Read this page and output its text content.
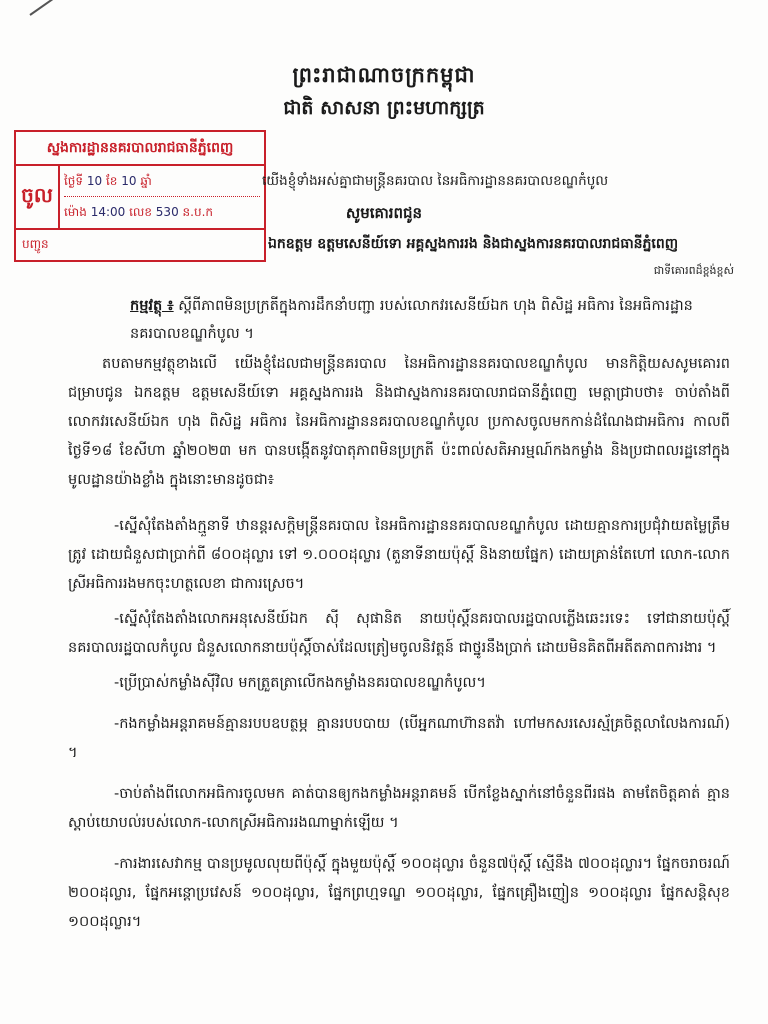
ព្រះរាជាណាចក្រកម្ពុជា
ជាតិ សាសនា ព្រះមហាក្សត្រ
ស្នងការដ្ឋាននគរបាលរាជធានីភ្នំពេញ
ចូល
ថ្ងៃទី 10 ខែ 10 ឆ្នាំ
ម៉ោង 14:00 លេខ 530 ន.ប.ក
បញ្ជូន
យើងខ្ញុំទាំងអស់គ្នាជាមន្ត្រីនគរបាល នៃអធិការដ្ឋាននគរបាលខណ្ឌកំបូល
សូមគោរពជូន
ឯកឧត្តម ឧត្តមសេនីយ៍ទោ អគ្គស្នងការរង និងជាស្នងការនគរបាលរាជធានីភ្នំពេញ
ជាទីគោរពដ៏ខ្ពង់ខ្ពស់
កម្មវត្ថុ ៖ ស្តីពីភាពមិនប្រក្រតីក្នុងការដឹកនាំបញ្ជា របស់លោកវរសេនីយ៍ឯក ហុង ពិសិដ្ឋ អធិការ នៃអធិការដ្ឋាននគរបាលខណ្ឌកំបូល ។
តបតាមកម្មវត្ថុខាងលើ យើងខ្ញុំដែលជាមន្ត្រីនគរបាល នៃអធិការដ្ឋាននគរបាលខណ្ឌកំបូល មានកិត្តិយសសូមគោរពជម្រាបជូន ឯកឧត្តម ឧត្តមសេនីយ៍ទោ អគ្គស្នងការរង និងជាស្នងការនគរបាលរាជធានីភ្នំពេញ មេត្តាជ្រាបថា៖ ចាប់តាំងពីលោកវរសេនីយ៍ឯក ហុង ពិសិដ្ឋ អធិការ នៃអធិការដ្ឋាននគរបាលខណ្ឌកំបូល ប្រកាសចូលមកកាន់ដំណែងជាអធិការ កាលពីថ្ងៃទី១៨ ខែសីហា ឆ្នាំ២០២៣ មក បានបង្កើតនូវបាតុភាពមិនប្រក្រតី ប៉ះពាល់សតិអារម្មណ៍កងកម្លាំង និងប្រជាពលរដ្ឋនៅក្នុងមូលដ្ឋានយ៉ាងខ្លាំង ក្នុងនោះមានដូចជា៖

-ស្នើសុំតែងតាំងក្មួនាទី ឋានន្តរសក្តិមន្ត្រីនគរបាល នៃអធិការដ្ឋាននគរបាលខណ្ឌកំបូល ដោយគ្មានការប្រជុំវាយតម្លៃត្រឹមត្រូវ ដោយជំនួសជាប្រាក់ពី ៨០០ដុល្លារ ទៅ ១.០០០ដុល្លារ (តួនាទីនាយប៉ុស្តិ៍ និងនាយផ្នែក) ដោយគ្រាន់តែហៅ លោក-លោកស្រីអធិការរងមកចុះហត្ថលេខា ជាការស្រេច។

-ស្នើសុំតែងតាំងលោកអនុសេនីយ៍ឯក ស៊ី សុផានិត នាយប៉ុស្តិ៍នគរបាលរដ្ឋបាលភ្លើងឆេះរទេះ ទៅជានាយប៉ុស្តិ៍នគរបាលរដ្ឋបាលកំបូល ជំនួសលោកនាយប៉ុស្តិ៍ចាស់ដែលត្រៀមចូលនិវត្តន៍ ជាថ្នូរនឹងប្រាក់ ដោយមិនគិតពីអតីតភាពការងារ ។

-ប្រើប្រាស់កម្លាំងស៊ីវិល មកត្រួតត្រាលើកងកម្លាំងនគរបាលខណ្ឌកំបូល។

-កងកម្លាំងអន្តរាគមន៍គ្មានរបបឧបត្ថម្ភ គ្មានរបបបាយ (បើអ្នកណាហ៊ានតវ៉ា ហៅមកសរសេរស្ម័គ្រចិត្តលាលែងការណ៍) ។

-ចាប់តាំងពីលោកអធិការចូលមក គាត់បានឲ្យកងកម្លាំងអន្តរាគមន៍ បើកខ្លែងស្នាក់នៅចំនួនពីរផង តាមតែចិត្តគាត់ គ្មានស្តាប់យោបល់របស់លោក-លោកស្រីអធិការរងណាម្នាក់ឡើយ ។

-ការងារសេវាកម្ម បានប្រមូលលុយពីប៉ុស្តិ៍ ក្នុងមួយប៉ុស្តិ៍ ១០០ដុល្លារ ចំនួន៧ប៉ុស្តិ៍ ស្មើនឹង ៧០០ដុល្លារ។ ផ្នែកចរាចរណ៍ ២០០ដុល្លារ, ផ្នែកអន្តោប្រវេសន៍ ១០០ដុល្លារ, ផ្នែកព្រហ្មទណ្ឌ ១០០ដុល្លារ, ផ្នែកគ្រឿងញៀន ១០០ដុល្លារ ផ្នែកសន្តិសុខ ១០០ដុល្លារ។
